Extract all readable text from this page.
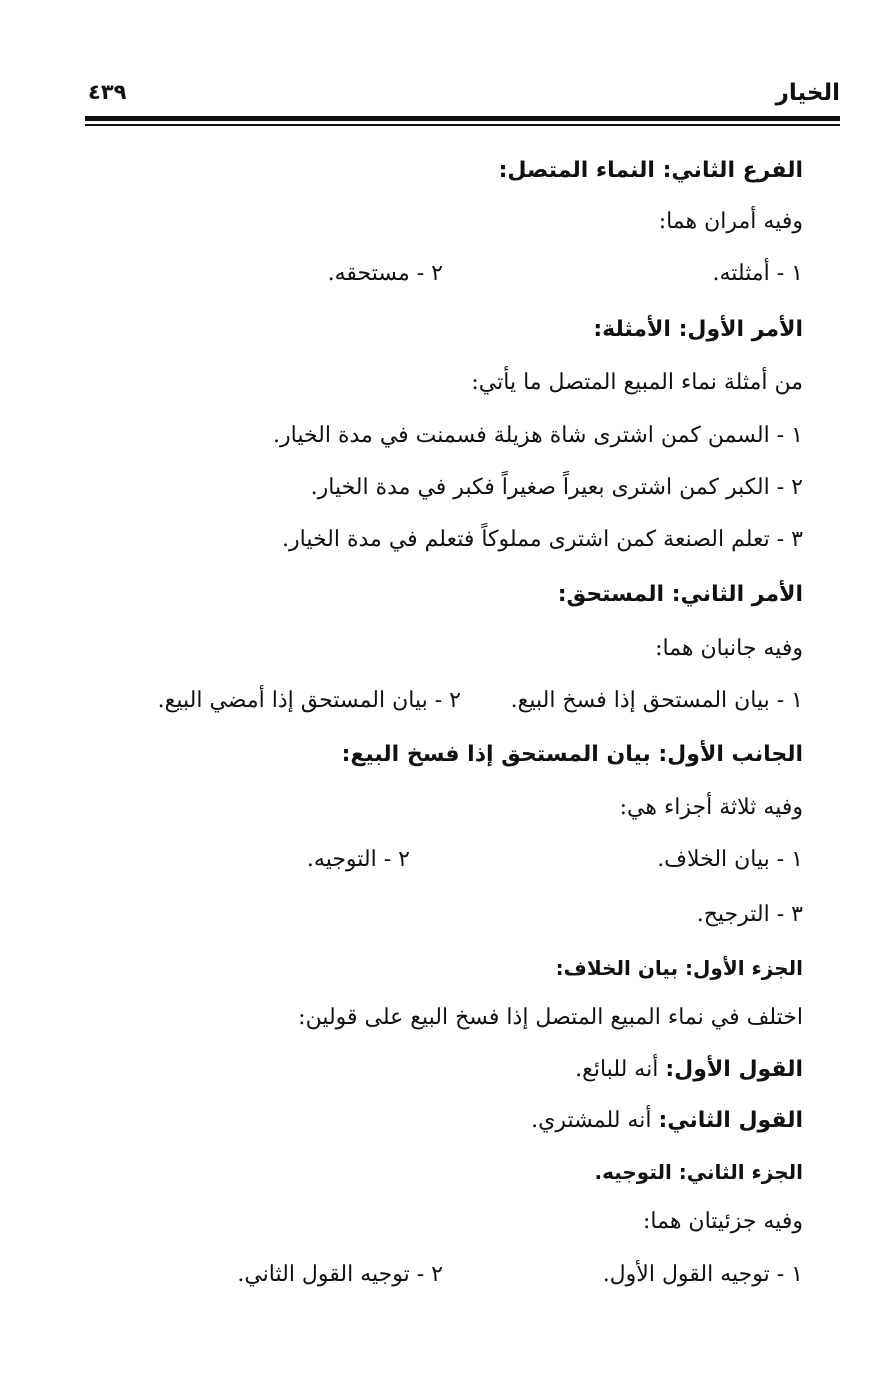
الخيار
٤٣٩
الفرع الثاني: النماء المتصل:
وفيه أمران هما:
١ - أمثلته.
٢ - مستحقه.
الأمر الأول: الأمثلة:
من أمثلة نماء المبيع المتصل ما يأتي:
١ - السمن كمن اشترى شاة هزيلة فسمنت في مدة الخيار.
٢ - الكبر كمن اشترى بعيراً صغيراً فكبر في مدة الخيار.
٣ - تعلم الصنعة كمن اشترى مملوكاً فتعلم في مدة الخيار.
الأمر الثاني: المستحق:
وفيه جانبان هما:
١ - بيان المستحق إذا فسخ البيع.
٢ - بيان المستحق إذا أمضي البيع.
الجانب الأول: بيان المستحق إذا فسخ البيع:
وفيه ثلاثة أجزاء هي:
١ - بيان الخلاف.
٢ - التوجيه.
٣ - الترجيح.
الجزء الأول: بيان الخلاف:
اختلف في نماء المبيع المتصل إذا فسخ البيع على قولين:
القول الأول: أنه للبائع.
القول الثاني: أنه للمشتري.
الجزء الثاني: التوجيه.
وفيه جزئيتان هما:
١ - توجيه القول الأول.
٢ - توجيه القول الثاني.
